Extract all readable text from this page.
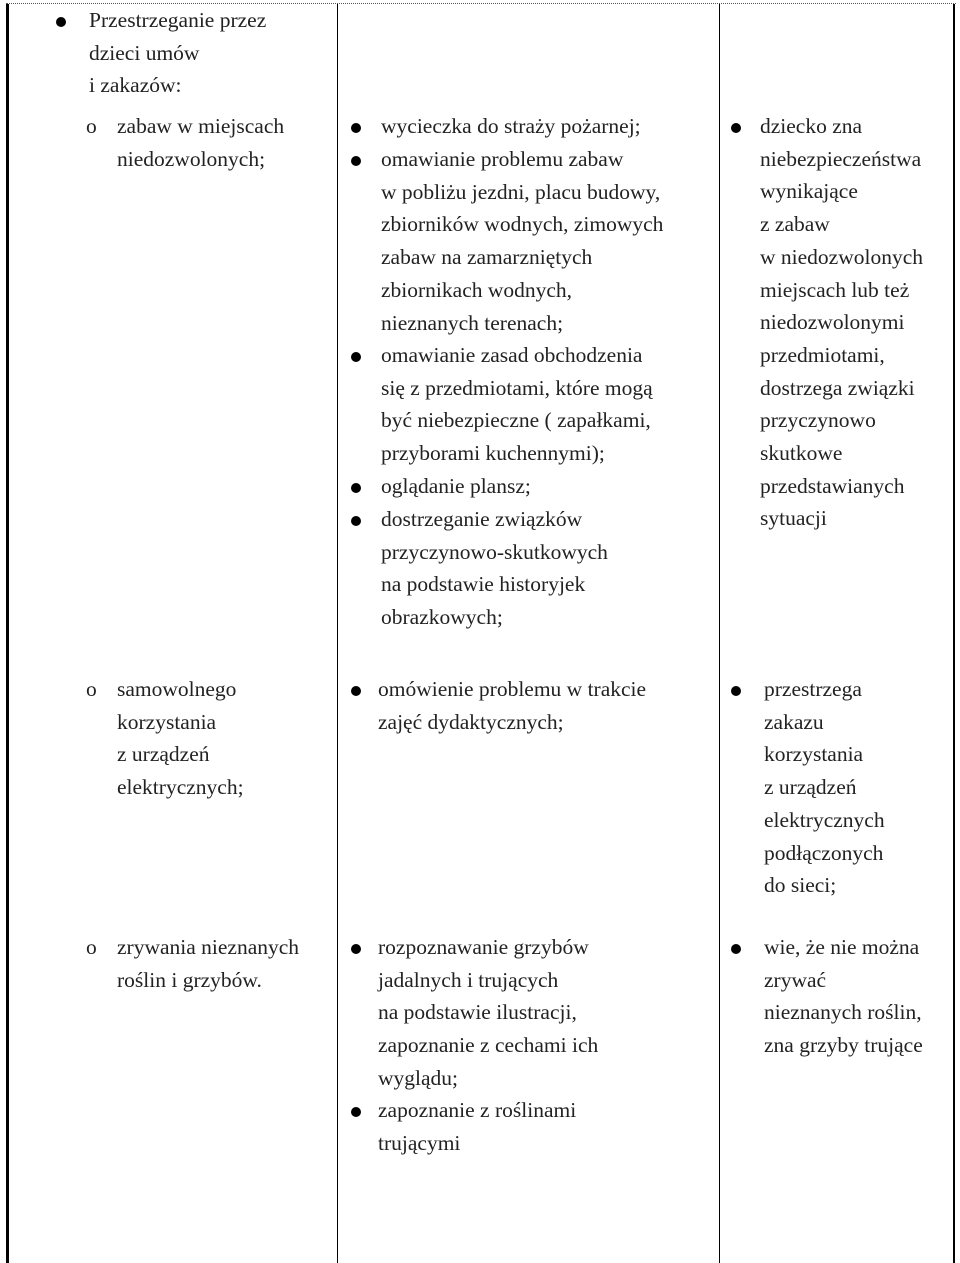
Przestrzeganie przez
dzieci umów
i zakazów:
o zabaw w miejscach
niedozwolonych;
o samowolnego
korzystania
z urządzeń
elektrycznych;
o zrywania nieznanych
roślin i grzybów.
wycieczka do straży pożarnej;
omawianie problemu zabaw
w pobliżu jezdni, placu budowy,
zbiorników wodnych, zimowych
zabaw na zamarzniętych
zbiornikach wodnych,
nieznanych terenach;
omawianie zasad obchodzenia
się z przedmiotami, które mogą
być niebezpieczne ( zapałkami,
przyborami kuchennymi);
oglądanie plansz;
dostrzeganie związków
przyczynowo-skutkowych
na podstawie historyjek
obrazkowych;
omówienie problemu w trakcie
zajęć dydaktycznych;
rozpoznawanie grzybów
jadalnych i trujących
na podstawie ilustracji,
zapoznanie z cechami ich
wyglądu;
zapoznanie z roślinami
trującymi
dziecko zna
niebezpieczeństwa
wynikające
z zabaw
w niedozwolonych
miejscach lub też
niedozwolonymi
przedmiotami,
dostrzega związki
przyczynowo
skutkowe
przedstawianych
sytuacji
przestrzega
zakazu
korzystania
z urządzeń
elektrycznych
podłączonych
do sieci;
wie, że nie można
zrywać
nieznanych roślin,
zna grzyby trujące
